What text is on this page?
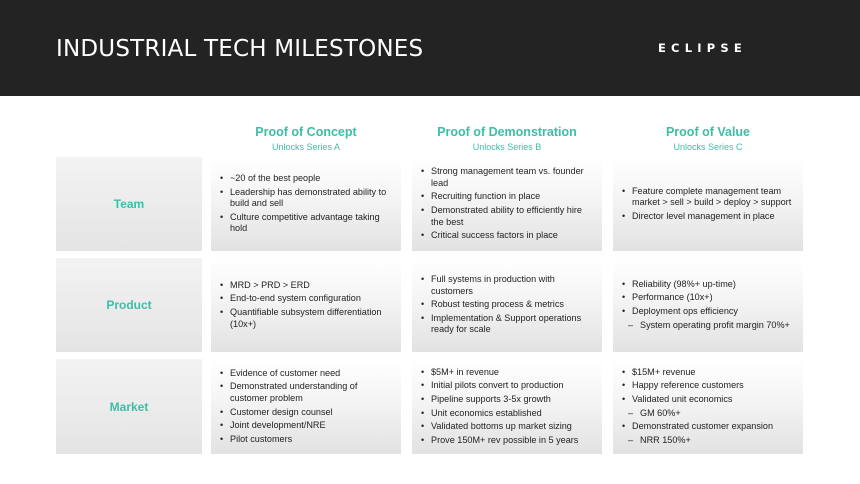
INDUSTRIAL TECH MILESTONES	ECLIPSE
Proof of Concept
Unlocks Series A
Proof of Demonstration
Unlocks Series B
Proof of Value
Unlocks Series C
Team
• ~20 of the best people
• Leadership has demonstrated ability to build and sell
• Culture competitive advantage taking hold
• Strong management team vs. founder lead
• Recruiting function in place
• Demonstrated ability to efficiently hire the best
• Critical success factors in place
• Feature complete management team market > sell > build > deploy > support
• Director level management in place
Product
• MRD > PRD > ERD
• End-to-end system configuration
• Quantifiable subsystem differentiation (10x+)
• Full systems in production with customers
• Robust testing process & metrics
• Implementation & Support operations ready for scale
• Reliability (98%+ up-time)
• Performance (10x+)
• Deployment ops efficiency
– System operating profit margin 70%+
Market
• Evidence of customer need
• Demonstrated understanding of customer problem
• Customer design counsel
• Joint development/NRE
• Pilot customers
• $5M+ in revenue
• Initial pilots convert to production
• Pipeline supports 3-5x growth
• Unit economics established
• Validated bottoms up market sizing
• Prove 150M+ rev possible in 5 years
• $15M+ revenue
• Happy reference customers
• Validated unit economics
– GM 60%+
• Demonstrated customer expansion
– NRR 150%+
